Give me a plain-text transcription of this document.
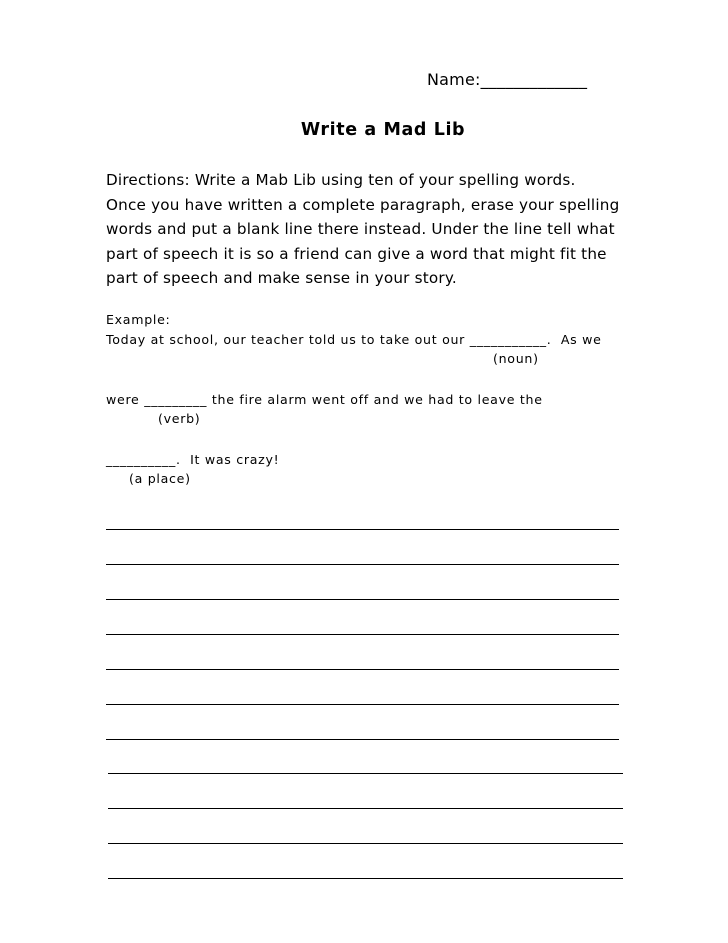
Name:_____________
Write a Mad Lib
Directions: Write a Mab Lib using ten of your spelling words.
Once you have written a complete paragraph, erase your spelling
words and put a blank line there instead. Under the line tell what
part of speech it is so a friend can give a word that might fit the
part of speech and make sense in your story.
Example:
Today at school, our teacher told us to take out our ___________.  As we
(noun)
were _________ the fire alarm went off and we had to leave the
(verb)
__________.  It was crazy!
(a place)
